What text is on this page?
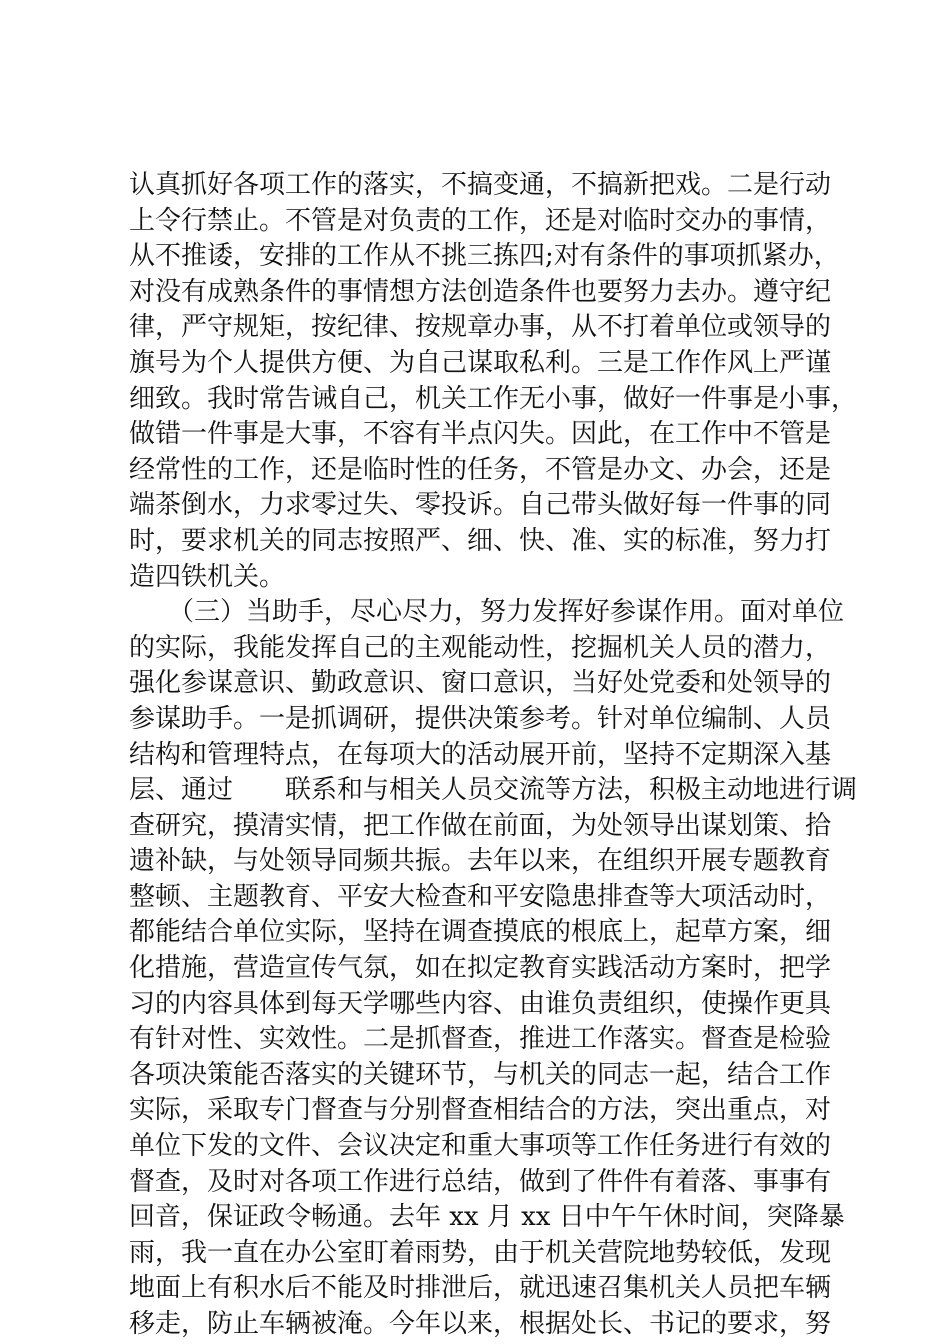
认真抓好各项工作的落实，不搞变通，不搞新把戏。二是行动
上令行禁止。不管是对负责的工作，还是对临时交办的事情，
从不推诿，安排的工作从不挑三拣四;对有条件的事项抓紧办，
对没有成熟条件的事情想方法创造条件也要努力去办。遵守纪
律，严守规矩，按纪律、按规章办事，从不打着单位或领导的
旗号为个人提供方便、为自己谋取私利。三是工作作风上严谨
细致。我时常告诫自己，机关工作无小事，做好一件事是小事，
做错一件事是大事，不容有半点闪失。因此，在工作中不管是
经常性的工作，还是临时性的任务，不管是办文、办会，还是
端茶倒水，力求零过失、零投诉。自己带头做好每一件事的同
时，要求机关的同志按照严、细、快、准、实的标准，努力打
造四铁机关。
　　（三）当助手，尽心尽力，努力发挥好参谋作用。面对单位
的实际，我能发挥自己的主观能动性，挖掘机关人员的潜力，
强化参谋意识、勤政意识、窗口意识，当好处党委和处领导的
参谋助手。一是抓调研，提供决策参考。针对单位编制、人员
结构和管理特点，在每项大的活动展开前，坚持不定期深入基
层、通过　　联系和与相关人员交流等方法，积极主动地进行调
查研究，摸清实情，把工作做在前面，为处领导出谋划策、拾
遗补缺，与处领导同频共振。去年以来，在组织开展专题教育
整顿、主题教育、平安大检查和平安隐患排查等大项活动时，
都能结合单位实际，坚持在调查摸底的根底上，起草方案，细
化措施，营造宣传气氛，如在拟定教育实践活动方案时，把学
习的内容具体到每天学哪些内容、由谁负责组织，使操作更具
有针对性、实效性。二是抓督查，推进工作落实。督查是检验
各项决策能否落实的关键环节，与机关的同志一起，结合工作
实际，采取专门督查与分别督查相结合的方法，突出重点，对
单位下发的文件、会议决定和重大事项等工作任务进行有效的
督查，及时对各项工作进行总结，做到了件件有着落、事事有
回音，保证政令畅通。去年 xx 月 xx 日中午午休时间，突降暴
雨，我一直在办公室盯着雨势，由于机关营院地势较低，发现
地面上有积水后不能及时排泄后，就迅速召集机关人员把车辆
移走，防止车辆被淹。今年以来，根据处长、书记的要求，努
